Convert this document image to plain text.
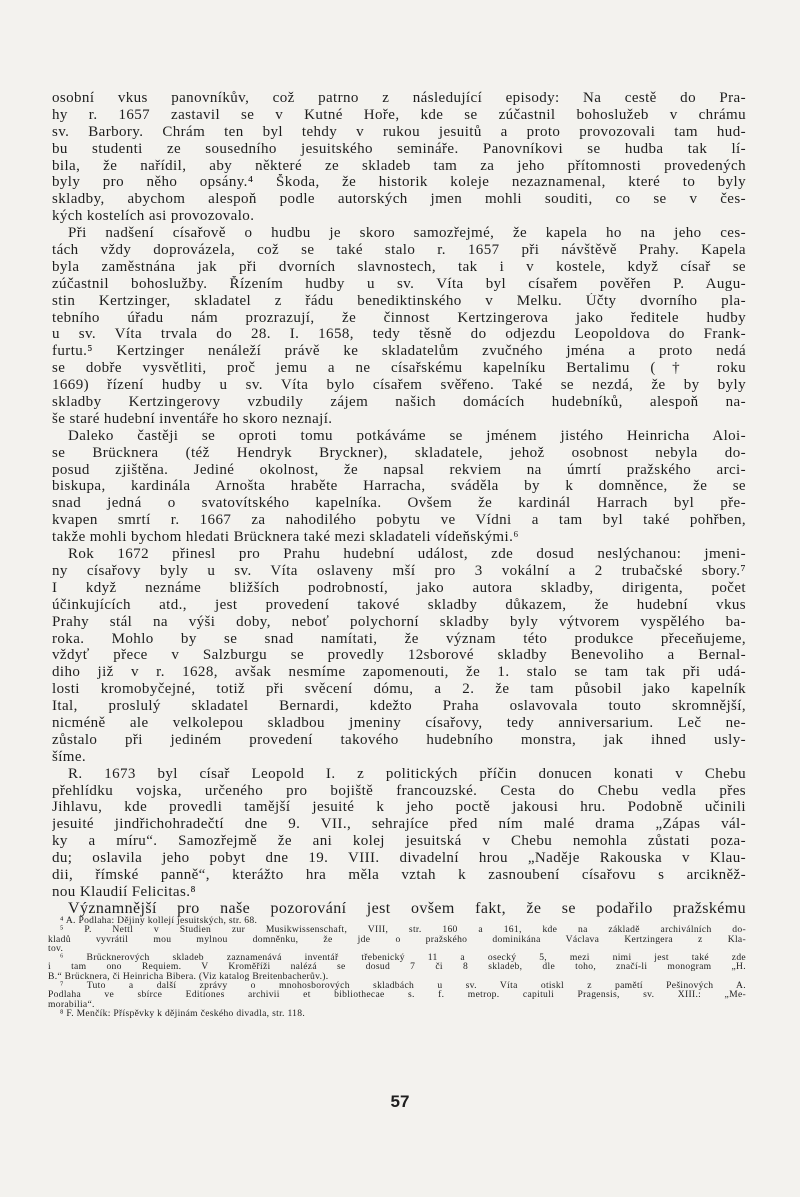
osobní vkus panovníkův, což patrno z následující episody: Na cestě do Pra-
hy r. 1657 zastavil se v Kutné Hoře, kde se zúčastnil bohoslužeb v chrámu
sv. Barbory. Chrám ten byl tehdy v rukou jesuitů a proto provozovali tam hud-
bu studenti ze sousedního jesuitského semináře. Panovníkovi se hudba tak lí-
bila, že nařídil, aby některé ze skladeb tam za jeho přítomnosti provedených
byly pro něho opsány.⁴ Škoda, že historik koleje nezaznamenal, které to byly
skladby, abychom alespoň podle autorských jmen mohli souditi, co se v čes-
kých kostelích asi provozovalo.
Při nadšení císařově o hudbu je skoro samozřejmé, že kapela ho na jeho ces-
tách vždy doprovázela, což se také stalo r. 1657 při návštěvě Prahy. Kapela
byla zaměstnána jak při dvorních slavnostech, tak i v kostele, když císař se
zúčastnil bohoslužby. Řízením hudby u sv. Víta byl císařem pověřen P. Augu-
stin Kertzinger, skladatel z řádu benediktinského v Melku. Účty dvorního pla-
tebního úřadu nám prozrazují, že činnost Kertzingerova jako ředitele hudby
u sv. Víta trvala do 28. I. 1658, tedy těsně do odjezdu Leopoldova do Frank-
furtu.⁵ Kertzinger nenáleží právě ke skladatelům zvučného jména a proto nedá
se dobře vysvětliti, proč jemu a ne císařskému kapelníku Bertalimu († roku
1669) řízení hudby u sv. Víta bylo císařem svěřeno. Také se nezdá, že by byly
skladby Kertzingerovy vzbudily zájem našich domácích hudebníků, alespoň na-
še staré hudební inventáře ho skoro neznají.
Daleko častěji se oproti tomu potkáváme se jménem jistého Heinricha Aloi-
se Brücknera (též Hendryk Bryckner), skladatele, jehož osobnost nebyla do-
posud zjištěna. Jediné okolnost, že napsal rekviem na úmrtí pražského arci-
biskupa, kardinála Arnošta hraběte Harracha, sváděla by k domněnce, že se
snad jedná o svatovítského kapelníka. Ovšem že kardinál Harrach byl pře-
kvapen smrtí r. 1667 za nahodilého pobytu ve Vídni a tam byl také pohřben,
takže mohli bychom hledati Brücknera také mezi skladateli vídeňskými.⁶
Rok 1672 přinesl pro Prahu hudební událost, zde dosud neslýchanou: jmeni-
ny císařovy byly u sv. Víta oslaveny mší pro 3 vokální a 2 trubačské sbory.⁷
I když neznáme bližších podrobností, jako autora skladby, dirigenta, počet
účinkujících atd., jest provedení takové skladby důkazem, že hudební vkus
Prahy stál na výši doby, neboť polychorní skladby byly výtvorem vyspělého ba-
roka. Mohlo by se snad namítati, že význam této produkce přeceňujeme,
vždyť přece v Salzburgu se provedly 12sborové skladby Benevoliho a Bernal-
diho již v r. 1628, avšak nesmíme zapomenouti, že 1. stalo se tam tak při udá-
losti kromobyčejné, totiž při svěcení dómu, a 2. že tam působil jako kapelník
Ital, proslulý skladatel Bernardi, kdežto Praha oslavovala touto skromnější,
nicméně ale velkolepou skladbou jmeniny císařovy, tedy anniversarium. Leč ne-
zůstalo při jediném provedení takového hudebního monstra, jak ihned usly-
šíme.
R. 1673 byl císař Leopold I. z politických příčin donucen konati v Chebu
přehlídku vojska, určeného pro bojiště francouzské. Cesta do Chebu vedla přes
Jihlavu, kde provedli tamější jesuité k jeho poctě jakousi hru. Podobně učinili
jesuité jindřichohradečtí dne 9. VII., sehrajíce před ním malé drama „Zápas vál-
ky a míru“. Samozřejmě že ani kolej jesuitská v Chebu nemohla zůstati poza-
du; oslavila jeho pobyt dne 19. VIII. divadelní hrou „Naděje Rakouska v Klau-
dii, římské panně“, kterážto hra měla vztah k zasnoubení císařovu s arcikněž-
nou Klaudií Felicitas.⁸
Významnější pro naše pozorování jest ovšem fakt, že se podařilo pražskému
⁴ A. Podlaha: Dějiny kollejí jesuitských, str. 68.
⁵ P. Nettl v Studien zur Musikwissenschaft, VIII, str. 160 a 161, kde na základě archiválních do-
kladů vyvrátil mou mylnou domněnku, že jde o pražského dominikána Václava Kertzingera z Kla-
tov.
⁶ Brücknerových skladeb zaznamenává inventář třebenický 11 a osecký 5, mezi nimi jest také zde
i tam ono Requiem. V Kroměříži nalézá se dosud 7 či 8 skladeb, dle toho, značí-li monogram „H.
B.“ Brücknera, či Heinricha Bibera. (Viz katalog Breitenbacherův.).
⁷ Tuto a další zprávy o mnohosborových skladbách u sv. Víta otiskl z pamětí Pešinových A.
Podlaha ve sbírce Editiones archivii et bibliothecae s. f. metrop. capituli Pragensis, sv. XIII.: „Me-
morabilia“.
⁸ F. Menčík: Příspěvky k dějinám českého divadla, str. 118.
57
